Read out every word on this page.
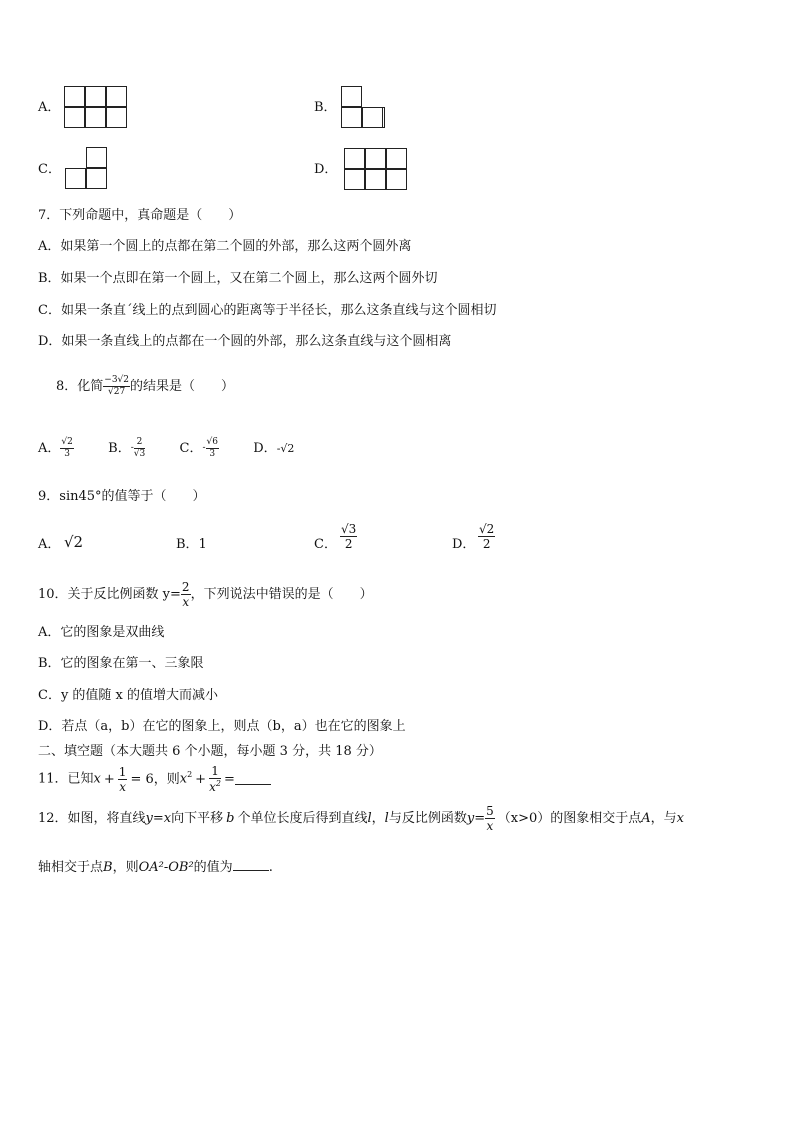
A．	B．
C．	D．
7．下列命题中，真命题是（　　）
A．如果第一个圆上的点都在第二个圆的外部，那么这两个圆外离
B．如果一个点即在第一个圆上，又在第二个圆上，那么这两个圆外切
C．如果一条直ˊ线上的点到圆心的距离等于半径长，那么这条直线与这个圆相切
D．如果一条直线上的点都在一个圆的外部，那么这条直线与这个圆相离
8．化简 $\frac{-3√2}{√27}$ 的结果是（　　）
A． $\frac{√2}{3}$	B．- $\frac{2}{√3}$	C．- $\frac{√6}{3}$	D．-√2
9．sin45°的值等于（　　）
A． √2	B．1	C． $\frac{√3}{2}$	D． $\frac{√2}{2}$
10．关于反比例函数 $y= \frac{2}{x}$ ，下列说法中错误的是（　　）
A．它的图象是双曲线
B．它的图象在第一、三象限
C．y 的值随 x 的值增大而减小
D．若点（a，b）在它的图象上，则点（b，a）也在它的图象上
二、填空题（本大题共 6 个小题，每小题 3 分，共 18 分）
11．已知$x + \frac{1}{x} = 6$，则$x^2 + \frac{1}{x^2}$ =
12．如图，将直线y=x向下平移 b 个单位长度后得到直线l，l与反比例函数$y= \frac{5}{x} (x>0)$的图象相交于点A，与x
轴相交于点B，则OA²-OB²的值为	.
